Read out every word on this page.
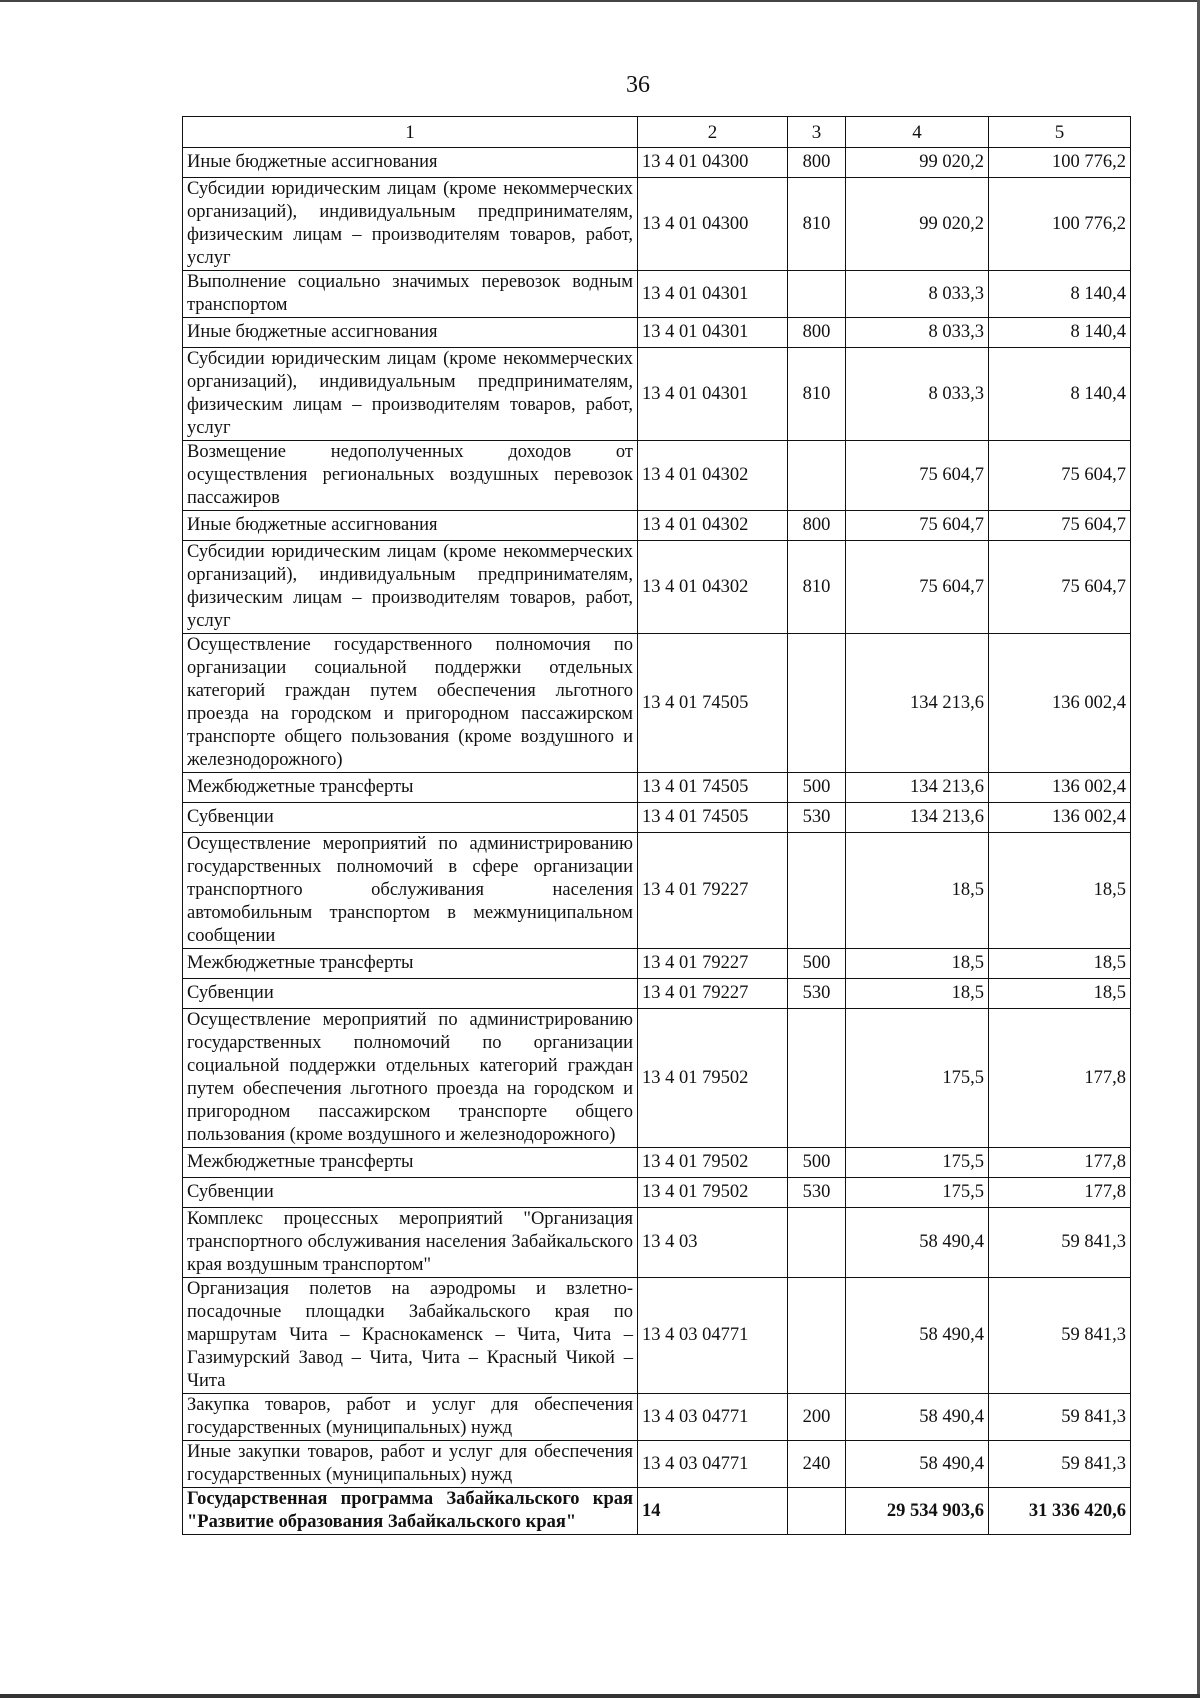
36
1	2	3	4	5
Иные бюджетные ассигнования	13 4 01 04300	800	99 020,2	100 776,2
Субсидии юридическим лицам (кроме некоммерческих организаций), индивидуальным предпринимателям, физическим лицам – производителям товаров, работ, услуг	13 4 01 04300	810	99 020,2	100 776,2
Выполнение социально значимых перевозок водным транспортом	13 4 01 04301		8 033,3	8 140,4
Иные бюджетные ассигнования	13 4 01 04301	800	8 033,3	8 140,4
Субсидии юридическим лицам (кроме некоммерческих организаций), индивидуальным предпринимателям, физическим лицам – производителям товаров, работ, услуг	13 4 01 04301	810	8 033,3	8 140,4
Возмещение недополученных доходов от осуществления региональных воздушных перевозок пассажиров	13 4 01 04302		75 604,7	75 604,7
Иные бюджетные ассигнования	13 4 01 04302	800	75 604,7	75 604,7
Субсидии юридическим лицам (кроме некоммерческих организаций), индивидуальным предпринимателям, физическим лицам – производителям товаров, работ, услуг	13 4 01 04302	810	75 604,7	75 604,7
Осуществление государственного полномочия по организации социальной поддержки отдельных категорий граждан путем обеспечения льготного проезда на городском и пригородном пассажирском транспорте общего пользования (кроме воздушного и железнодорожного)	13 4 01 74505		134 213,6	136 002,4
Межбюджетные трансферты	13 4 01 74505	500	134 213,6	136 002,4
Субвенции	13 4 01 74505	530	134 213,6	136 002,4
Осуществление мероприятий по администрированию государственных полномочий в сфере организации транспортного обслуживания населения автомобильным транспортом в межмуниципальном сообщении	13 4 01 79227		18,5	18,5
Межбюджетные трансферты	13 4 01 79227	500	18,5	18,5
Субвенции	13 4 01 79227	530	18,5	18,5
Осуществление мероприятий по администрированию государственных полномочий по организации социальной поддержки отдельных категорий граждан путем обеспечения льготного проезда на городском и пригородном пассажирском транспорте общего пользования (кроме воздушного и железнодорожного)	13 4 01 79502		175,5	177,8
Межбюджетные трансферты	13 4 01 79502	500	175,5	177,8
Субвенции	13 4 01 79502	530	175,5	177,8
Комплекс процессных мероприятий "Организация транспортного обслуживания населения Забайкальского края воздушным транспортом"	13 4 03		58 490,4	59 841,3
Организация полетов на аэродромы и взлетно-посадочные площадки Забайкальского края по маршрутам Чита – Краснокаменск – Чита, Чита – Газимурский Завод – Чита, Чита – Красный Чикой – Чита	13 4 03 04771		58 490,4	59 841,3
Закупка товаров, работ и услуг для обеспечения государственных (муниципальных) нужд	13 4 03 04771	200	58 490,4	59 841,3
Иные закупки товаров, работ и услуг для обеспечения государственных (муниципальных) нужд	13 4 03 04771	240	58 490,4	59 841,3
Государственная программа Забайкальского края "Развитие образования Забайкальского края"	14		29 534 903,6	31 336 420,6
